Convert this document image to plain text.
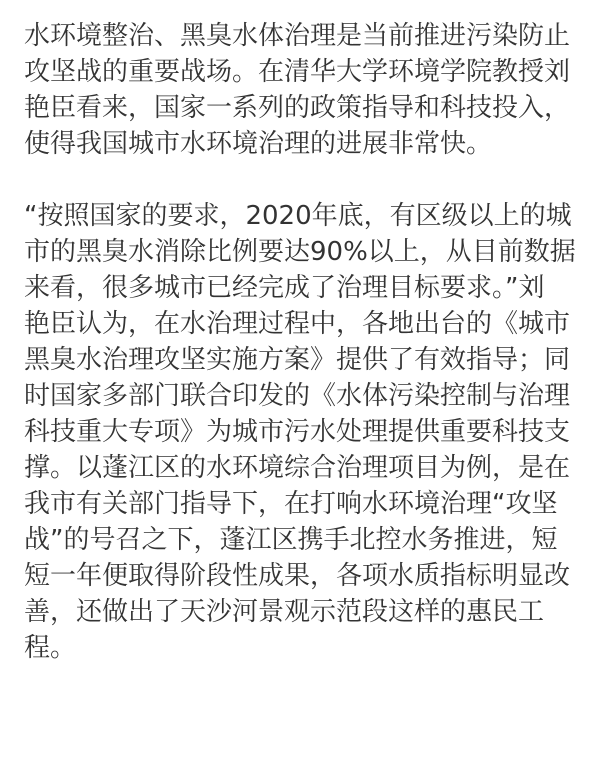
水环境整治、黑臭水体治理是当前推进污染防止
攻坚战的重要战场。在清华大学环境学院教授刘
艳臣看来，国家一系列的政策指导和科技投入，
使得我国城市水环境治理的进展非常快。
“按照国家的要求，2020年底，有区级以上的城
市的黑臭水消除比例要达90%以上，从目前数据
来看，很多城市已经完成了治理目标要求。”刘
艳臣认为，在水治理过程中，各地出台的《城市
黑臭水治理攻坚实施方案》提供了有效指导；同
时国家多部门联合印发的《水体污染控制与治理
科技重大专项》为城市污水处理提供重要科技支
撑。以蓬江区的水环境综合治理项目为例，是在
我市有关部门指导下，在打响水环境治理“攻坚
战”的号召之下，蓬江区携手北控水务推进，短
短一年便取得阶段性成果，各项水质指标明显改
善，还做出了天沙河景观示范段这样的惠民工
程。
